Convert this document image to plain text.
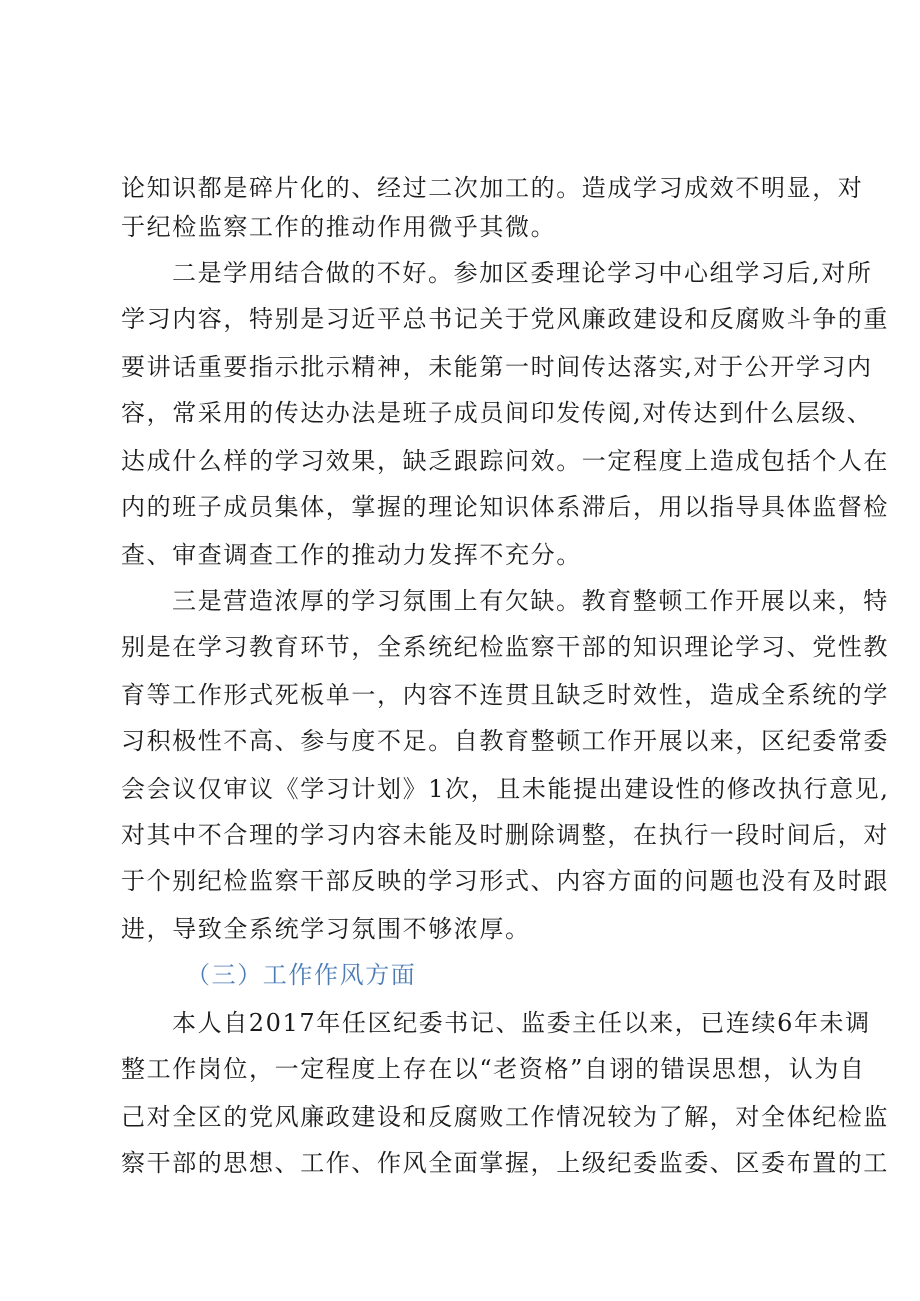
论知识都是碎片化的、经过二次加工的。造成学习成效不明显，对

于纪检监察工作的推动作用微乎其微。

二是学用结合做的不好。参加区委理论学习中心组学习后,对所

学习内容，特别是习近平总书记关于党风廉政建设和反腐败斗争的重

要讲话重要指示批示精神，未能第一时间传达落实,对于公开学习内

容，常采用的传达办法是班子成员间印发传阅,对传达到什么层级、

达成什么样的学习效果，缺乏跟踪问效。一定程度上造成包括个人在

内的班子成员集体，掌握的理论知识体系滞后，用以指导具体监督检

查、审查调查工作的推动力发挥不充分。

三是营造浓厚的学习氛围上有欠缺。教育整顿工作开展以来，特

别是在学习教育环节，全系统纪检监察干部的知识理论学习、党性教

育等工作形式死板单一，内容不连贯且缺乏时效性，造成全系统的学

习积极性不高、参与度不足。自教育整顿工作开展以来，区纪委常委

会会议仅审议《学习计划》1次，且未能提出建设性的修改执行意见,

对其中不合理的学习内容未能及时删除调整，在执行一段时间后，对

于个别纪检监察干部反映的学习形式、内容方面的问题也没有及时跟

进，导致全系统学习氛围不够浓厚。

（三）工作作风方面

本人自2017年任区纪委书记、监委主任以来，已连续6年未调

整工作岗位，一定程度上存在以“老资格”自诩的错误思想，认为自

己对全区的党风廉政建设和反腐败工作情况较为了解，对全体纪检监

察干部的思想、工作、作风全面掌握，上级纪委监委、区委布置的工
